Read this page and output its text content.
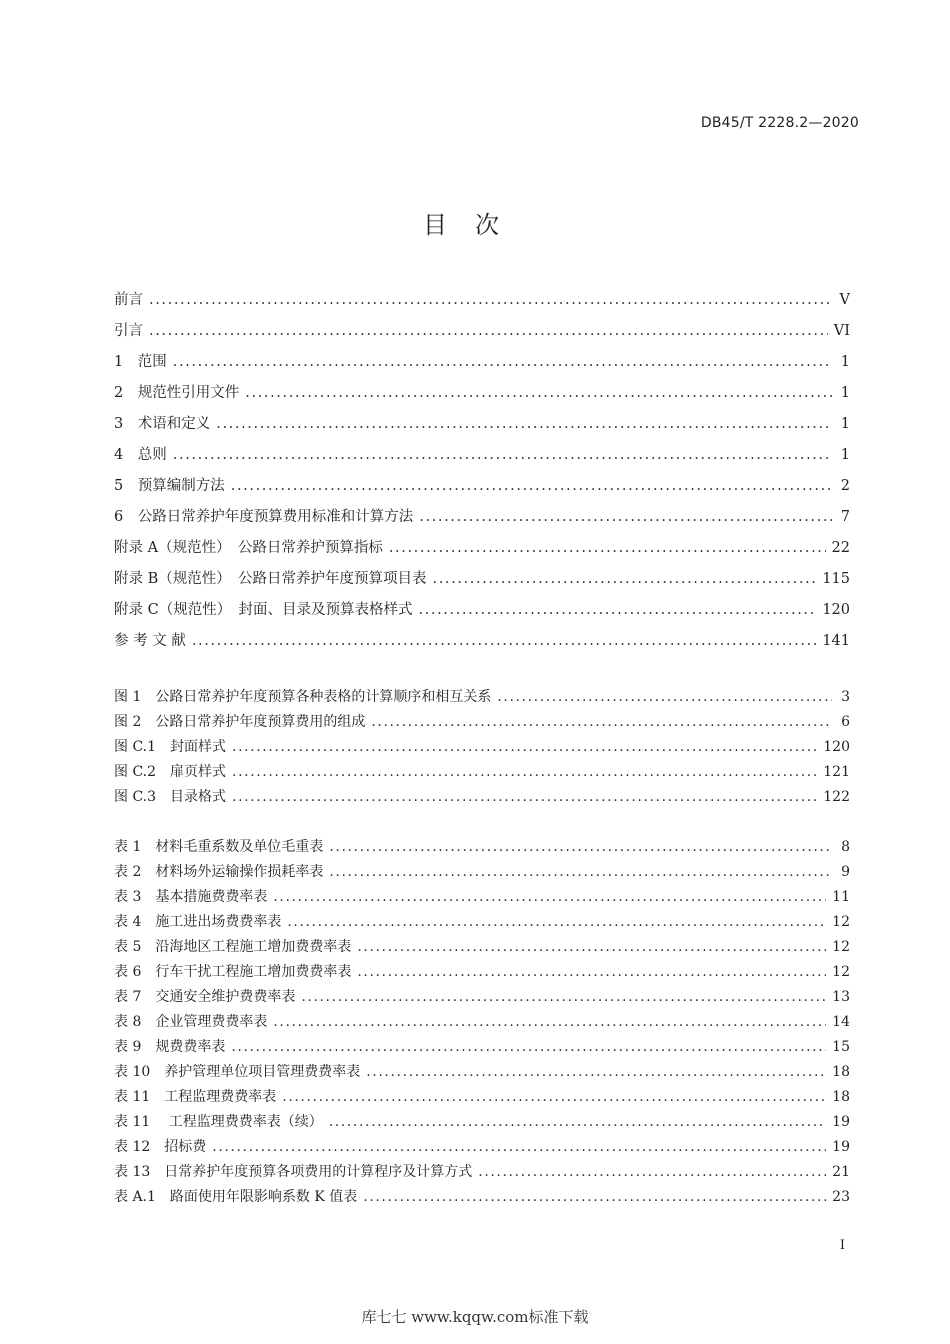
DB45/T 2228.2—2020
目次
前言 .....	V
引言 .....	VI
1　范围 .....	1
2　规范性引用文件 .....	1
3　术语和定义 .....	1
4　总则 .....	1
5　预算编制方法 .....	2
6　公路日常养护年度预算费用标准和计算方法 .....	7
附录 A（规范性）　公路日常养护预算指标 .....	22
附录 B（规范性）　公路日常养护年度预算项目表 .....	115
附录 C（规范性）　封面、目录及预算表格样式 .....	120
参 考 文 献 .....	141
图 1　公路日常养护年度预算各种表格的计算顺序和相互关系 .....	3
图 2　公路日常养护年度预算费用的组成 .....	6
图 C.1　封面样式 .....	120
图 C.2　扉页样式 .....	121
图 C.3　目录格式 .....	122
表 1　材料毛重系数及单位毛重表 .....	8
表 2　材料场外运输操作损耗率表 .....	9
表 3　基本措施费费率表 .....	11
表 4　施工进出场费费率表 .....	12
表 5　沿海地区工程施工增加费费率表 .....	12
表 6　行车干扰工程施工增加费费率表 .....	12
表 7　交通安全维护费费率表 .....	13
表 8　企业管理费费率表 .....	14
表 9　规费费率表 .....	15
表 10　养护管理单位项目管理费费率表 .....	18
表 11　工程监理费费率表 .....	18
表 11　 工程监理费费率表（续） .....	19
表 12　招标费 .....	19
表 13　日常养护年度预算各项费用的计算程序及计算方式 .....	21
表 A.1　路面使用年限影响系数 K 值表 .....	23
I
库七七 www.kqqw.com标准下载
